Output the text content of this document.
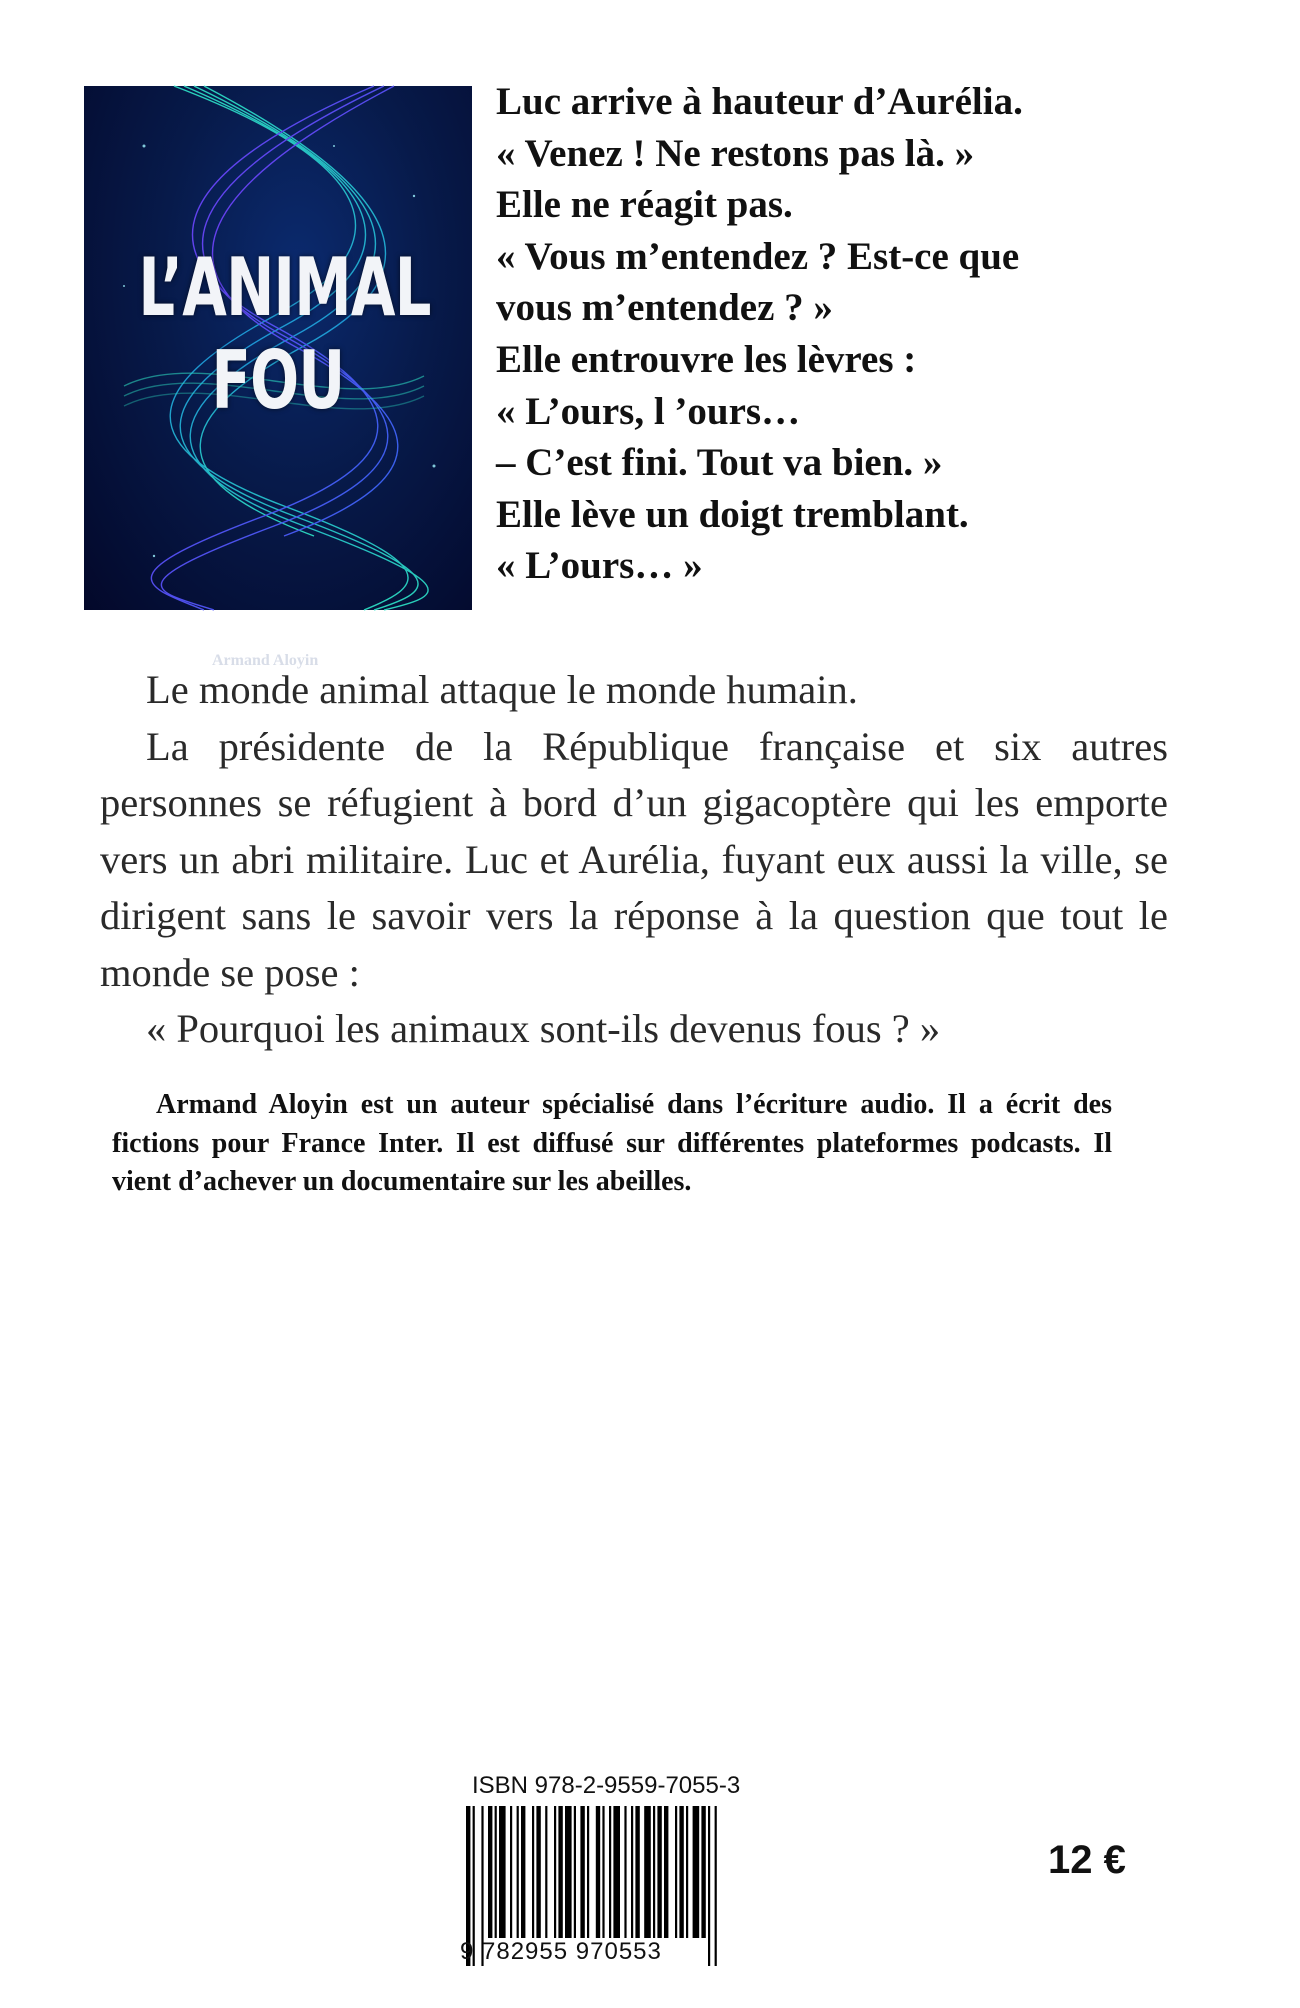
L’ANIMAL
FOU
Armand Aloyin
Luc arrive à hauteur d’Aurélia.
« Venez ! Ne restons pas là. »
Elle ne réagit pas.
« Vous m’entendez ? Est-ce que
vous m’entendez ? »
Elle entrouvre les lèvres :
« L’ours, l ’ours…
– C’est fini. Tout va bien. »
Elle lève un doigt tremblant.
« L’ours… »

Le monde animal attaque le monde humain.

La présidente de la République française et six autres personnes se réfugient à bord d’un gigacoptère qui les emporte vers un abri militaire. Luc et Aurélia, fuyant eux aussi la ville, se dirigent sans le savoir vers la réponse à la question que tout le monde se pose :

« Pourquoi les animaux sont-ils devenus fous ? »

Armand Aloyin est un auteur spécialisé dans l’écriture audio. Il a écrit des fictions pour France Inter. Il est diffusé sur différentes plateformes podcasts. Il vient d’achever un documentaire sur les abeilles.

ISBN 978-2-9559-7055-3
9 782955 970553
12 €
